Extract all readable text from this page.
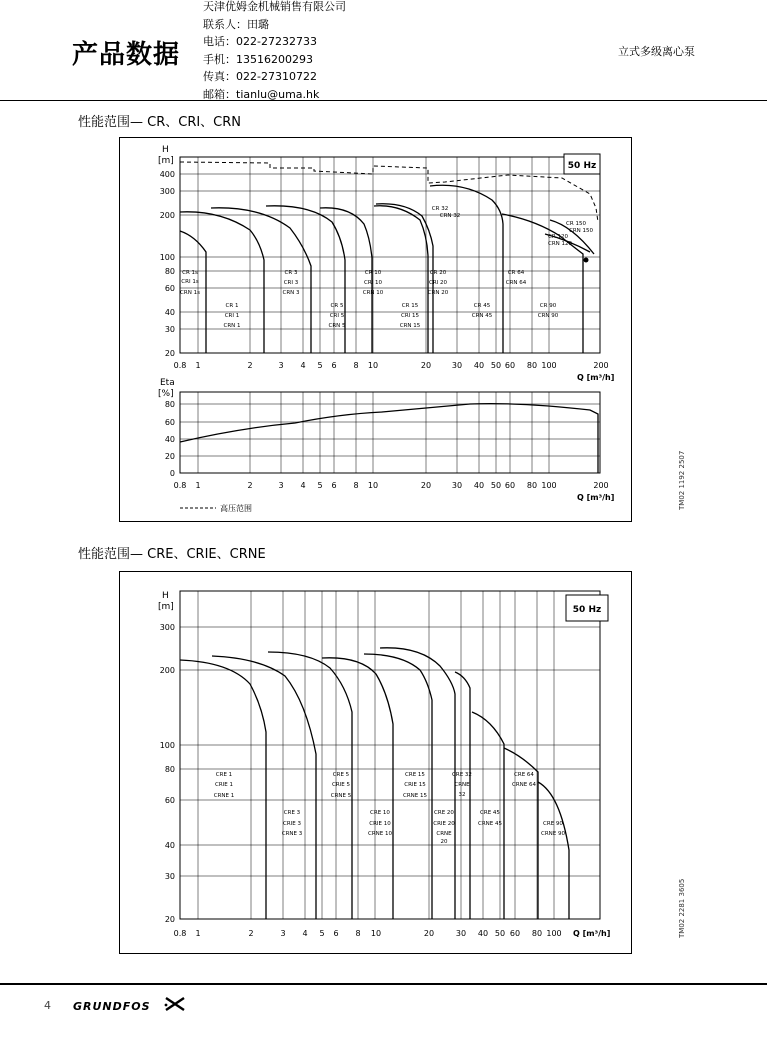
产品数据
天津优姆金机械销售有限公司
联系人：田璐
电话：022-27232733
手机：13516200293
传真：022-27310722
邮箱：tianlu@uma.hk
立式多级离心泵
性能范围— CR、CRI、CRN
50 Hz
H
[m]
400
300
200
100
80
60
40
30
20
0.8 1	2	3 4 5 6 8 10	20	30 40 50 60 80 100	200
Q [m³/h]
Eta
[%]
80
60
40
20
0
0.8 1	2	3 4 5 6 8 10	20	30 40 50 60 80 100	200
Q [m³/h]
高压范围
CR 1s
CRI 1s
CRN 1s
CR 1
CRI 1
CRN 1
CR 3
CRI 3
CRN 3
CR 5
CRI 5
CRN 5
CR 10
CRI 10
CRN 10
CR 15
CRI 15
CRN 15
CR 20
CRI 20
CRN 20
CR 32
CRN 32
CR 45
CRN 45
CR 64
CRN 64
CR 90
CRN 90
CR 120
CRN 120
CR 150
CRN 150
TM02 1192 2507
性能范围— CRE、CRIE、CRNE
50 Hz
H
[m]
300
200
100
80
60
40
30
20
0.8 1	2	3 4 5 6 8 10	20	30 40 50 60 80 100 Q [m³/h]
CRE 1
CRIE 1
CRNE 1
CRE 3
CRIE 3
CRNE 3
CRE 5
CRIE 5
CRNE 5
CRE 10
CRIE 10
CRNE 10
CRE 15
CRIE 15
CRNE 15
CRE 20
CRIE 20
CRNE
20
CRE 32
CRNE
32
CRE 45
CRNE 45
CRE 64
CRNE 64
CRE 90
CRNE 90
TM02 2281 3605
4 GRUNDFOS
